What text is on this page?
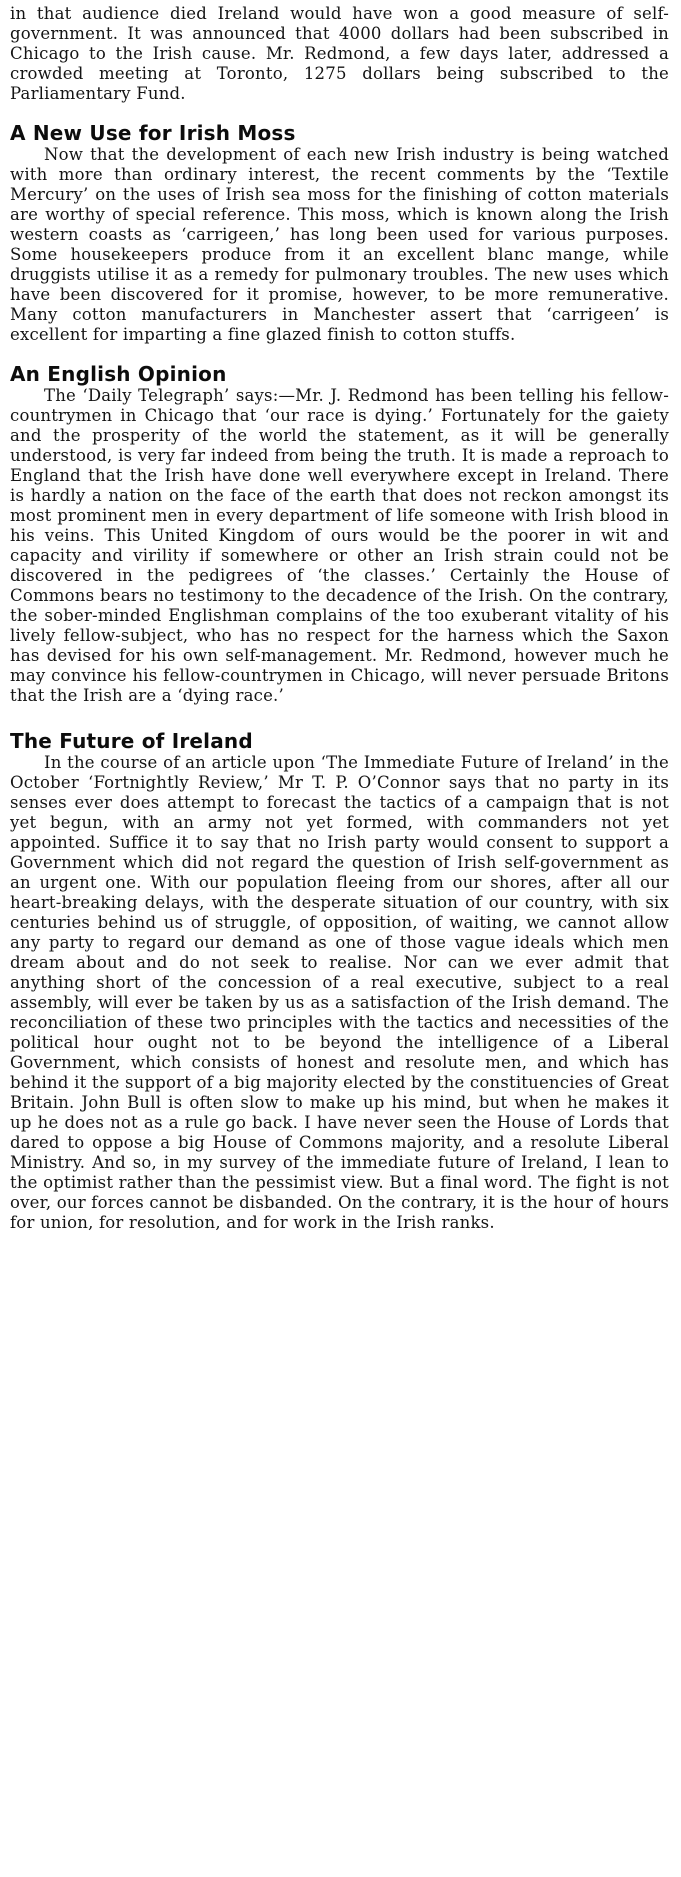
in that audience died Ireland would have won a good measure of self-government. It was announced that 4000 dollars had been subscribed in Chicago to the Irish cause. Mr. Redmond, a few days later, addressed a crowded meeting at Toronto, 1275 dollars being subscribed to the Parliamentary Fund.

A New Use for Irish Moss

Now that the development of each new Irish industry is being watched with more than ordinary interest, the recent comments by the ‘Textile Mercury’ on the uses of Irish sea moss for the finishing of cotton materials are worthy of special reference. This moss, which is known along the Irish western coasts as ‘carrigeen,’ has long been used for various purposes. Some housekeepers produce from it an excellent blanc mange, while druggists utilise it as a remedy for pulmonary troubles. The new uses which have been discovered for it promise, however, to be more remunerative. Many cotton manufacturers in Manchester assert that ‘carrigeen’ is excellent for imparting a fine glazed finish to cotton stuffs.

An English Opinion

The ‘Daily Telegraph’ says:—Mr. J. Redmond has been telling his fellow-countrymen in Chicago that ‘our race is dying.’ Fortunately for the gaiety and the prosperity of the world the statement, as it will be generally understood, is very far indeed from being the truth. It is made a reproach to England that the Irish have done well everywhere except in Ireland. There is hardly a nation on the face of the earth that does not reckon amongst its most prominent men in every department of life someone with Irish blood in his veins. This United Kingdom of ours would be the poorer in wit and capacity and virility if somewhere or other an Irish strain could not be discovered in the pedigrees of ‘the classes.’ Certainly the House of Commons bears no testimony to the decadence of the Irish. On the contrary, the sober-minded Englishman complains of the too exuberant vitality of his lively fellow-subject, who has no respect for the harness which the Saxon has devised for his own self-management. Mr. Redmond, however much he may convince his fellow-countrymen in Chicago, will never persuade Britons that the Irish are a ‘dying race.’

The Future of Ireland

In the course of an article upon ‘The Immediate Future of Ireland’ in the October ‘Fortnightly Review,’ Mr T. P. O’Connor says that no party in its senses ever does attempt to forecast the tactics of a campaign that is not yet begun, with an army not yet formed, with commanders not yet appointed. Suffice it to say that no Irish party would consent to support a Government which did not regard the question of Irish self-government as an urgent one. With our population fleeing from our shores, after all our heart-breaking delays, with the desperate situation of our country, with six centuries behind us of struggle, of opposition, of waiting, we cannot allow any party to regard our demand as one of those vague ideals which men dream about and do not seek to realise. Nor can we ever admit that anything short of the concession of a real executive, subject to a real assembly, will ever be taken by us as a satisfaction of the Irish demand. The reconciliation of these two principles with the tactics and necessities of the political hour ought not to be beyond the intelligence of a Liberal Government, which consists of honest and resolute men, and which has behind it the support of a big majority elected by the constituencies of Great Britain. John Bull is often slow to make up his mind, but when he makes it up he does not as a rule go back. I have never seen the House of Lords that dared to oppose a big House of Commons majority, and a resolute Liberal Ministry. And so, in my survey of the immediate future of Ireland, I lean to the optimist rather than the pessimist view. But a final word. The fight is not over, our forces cannot be disbanded. On the contrary, it is the hour of hours for union, for resolution, and for work in the Irish ranks.
